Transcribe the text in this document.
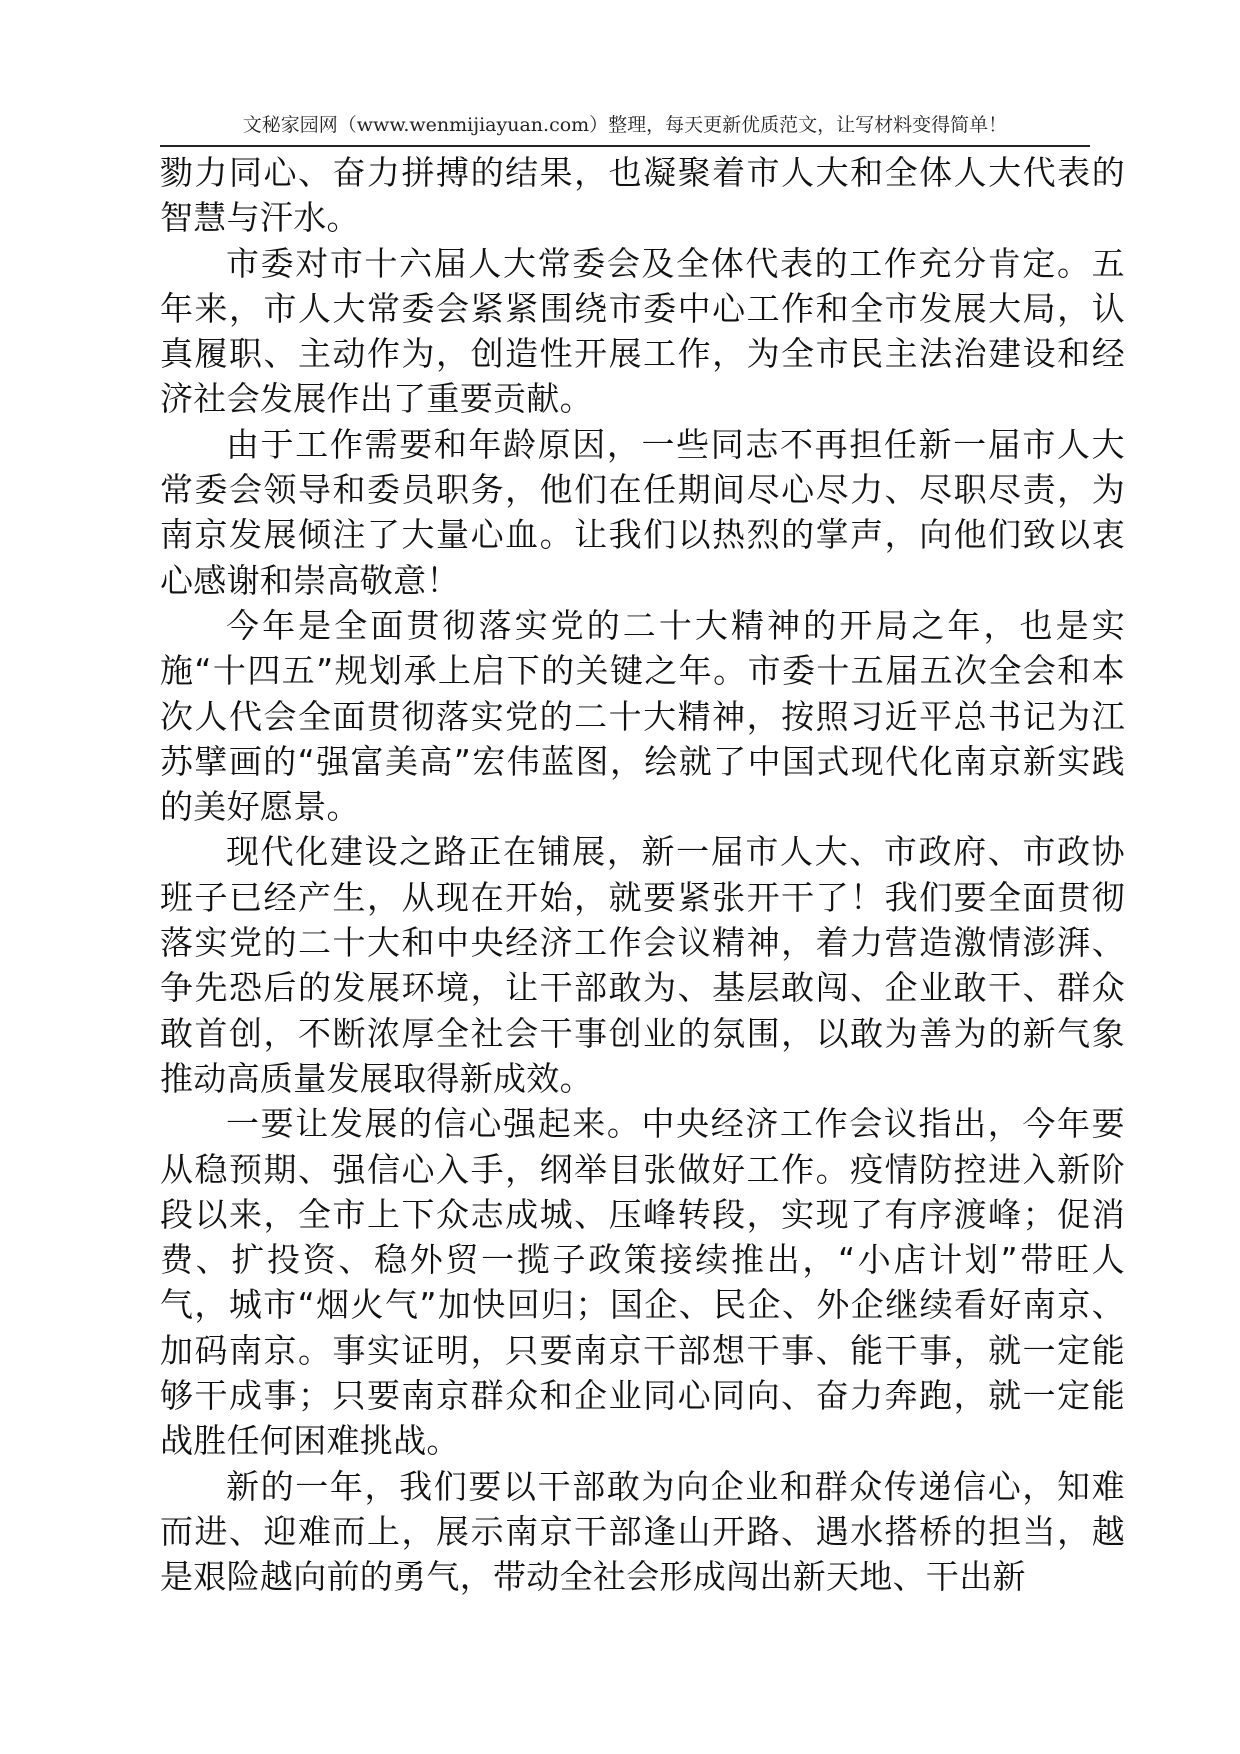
文秘家园网（www.wenmijiayuan.com）整理，每天更新优质范文，让写材料变得简单！

勠力同心、奋力拼搏的结果，也凝聚着市人大和全体人大代表的智慧与汗水。

市委对市十六届人大常委会及全体代表的工作充分肯定。五年来，市人大常委会紧紧围绕市委中心工作和全市发展大局，认真履职、主动作为，创造性开展工作，为全市民主法治建设和经济社会发展作出了重要贡献。

由于工作需要和年龄原因，一些同志不再担任新一届市人大常委会领导和委员职务，他们在任期间尽心尽力、尽职尽责，为南京发展倾注了大量心血。让我们以热烈的掌声，向他们致以衷心感谢和崇高敬意！

今年是全面贯彻落实党的二十大精神的开局之年，也是实施“十四五”规划承上启下的关键之年。市委十五届五次全会和本次人代会全面贯彻落实党的二十大精神，按照习近平总书记为江苏擘画的“强富美高”宏伟蓝图，绘就了中国式现代化南京新实践的美好愿景。

现代化建设之路正在铺展，新一届市人大、市政府、市政协班子已经产生，从现在开始，就要紧张开干了！我们要全面贯彻落实党的二十大和中央经济工作会议精神，着力营造激情澎湃、争先恐后的发展环境，让干部敢为、基层敢闯、企业敢干、群众敢首创，不断浓厚全社会干事创业的氛围，以敢为善为的新气象推动高质量发展取得新成效。

一要让发展的信心强起来。中央经济工作会议指出，今年要从稳预期、强信心入手，纲举目张做好工作。疫情防控进入新阶段以来，全市上下众志成城、压峰转段，实现了有序渡峰；促消费、扩投资、稳外贸一揽子政策接续推出，“小店计划”带旺人气，城市“烟火气”加快回归；国企、民企、外企继续看好南京、加码南京。事实证明，只要南京干部想干事、能干事，就一定能够干成事；只要南京群众和企业同心同向、奋力奔跑，就一定能战胜任何困难挑战。

新的一年，我们要以干部敢为向企业和群众传递信心，知难而进、迎难而上，展示南京干部逢山开路、遇水搭桥的担当，越是艰险越向前的勇气，带动全社会形成闯出新天地、干出新
